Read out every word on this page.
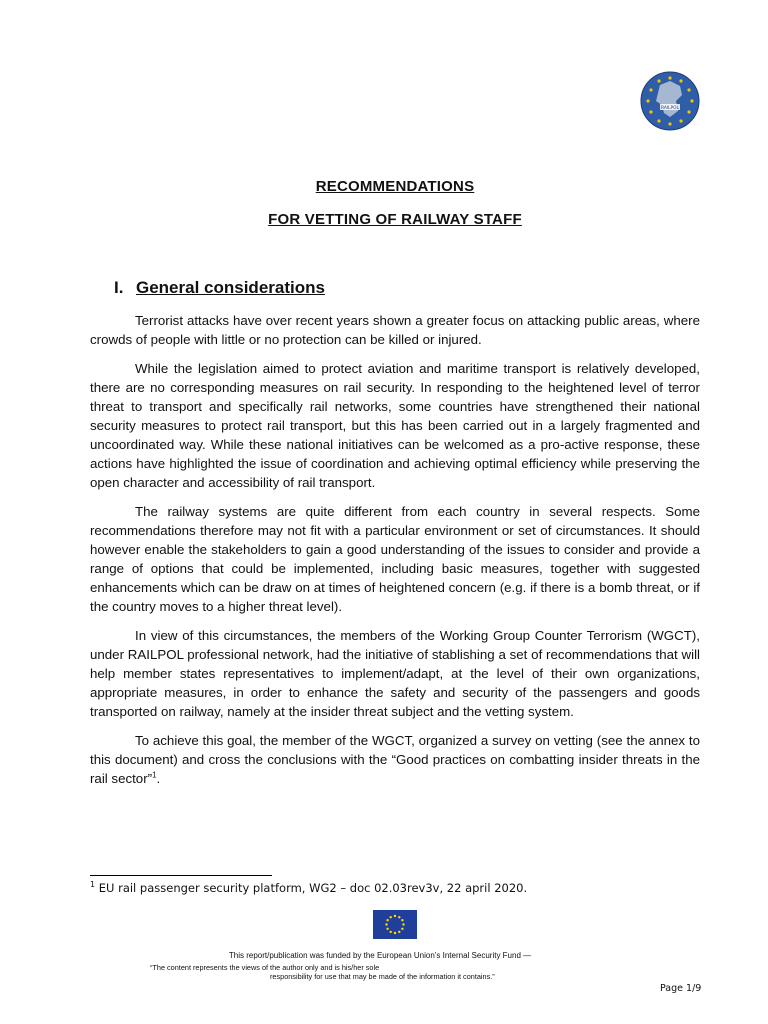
RAILPOL
RECOMMENDATIONS
FOR VETTING OF RAILWAY STAFF
I. General considerations

Terrorist attacks have over recent years shown a greater focus on attacking public areas, where crowds of people with little or no protection can be killed or injured.

While the legislation aimed to protect aviation and maritime transport is relatively developed, there are no corresponding measures on rail security. In responding to the heightened level of terror threat to transport and specifically rail networks, some countries have strengthened their national security measures to protect rail transport, but this has been carried out in a largely fragmented and uncoordinated way. While these national initiatives can be welcomed as a pro-active response, these actions have highlighted the issue of coordination and achieving optimal efficiency while preserving the open character and accessibility of rail transport.

The railway systems are quite different from each country in several respects. Some recommendations therefore may not fit with a particular environment or set of circumstances. It should however enable the stakeholders to gain a good understanding of the issues to consider and provide a range of options that could be implemented, including basic measures, together with suggested enhancements which can be draw on at times of heightened concern (e.g. if there is a bomb threat, or if the country moves to a higher threat level).

In view of this circumstances, the members of the Working Group Counter Terrorism (WGCT), under RAILPOL professional network, had the initiative of stablishing a set of recommendations that will help member states representatives to implement/adapt, at the level of their own organizations, appropriate measures, in order to enhance the safety and security of the passengers and goods transported on railway, namely at the insider threat subject and the vetting system.

To achieve this goal, the member of the WGCT, organized a survey on vetting (see the annex to this document) and cross the conclusions with the “Good practices on combatting insider threats in the rail sector”$^1$.

$^1$ EU rail passenger security platform, WG2 – doc 02.03rev3v, 22 april 2020.
This report/publication was funded by the European Union’s Internal Security Fund —
“The content represents the views of the author only and is his/her sole
responsibility for use that may be made of the information it contains.”
Page 1/9
